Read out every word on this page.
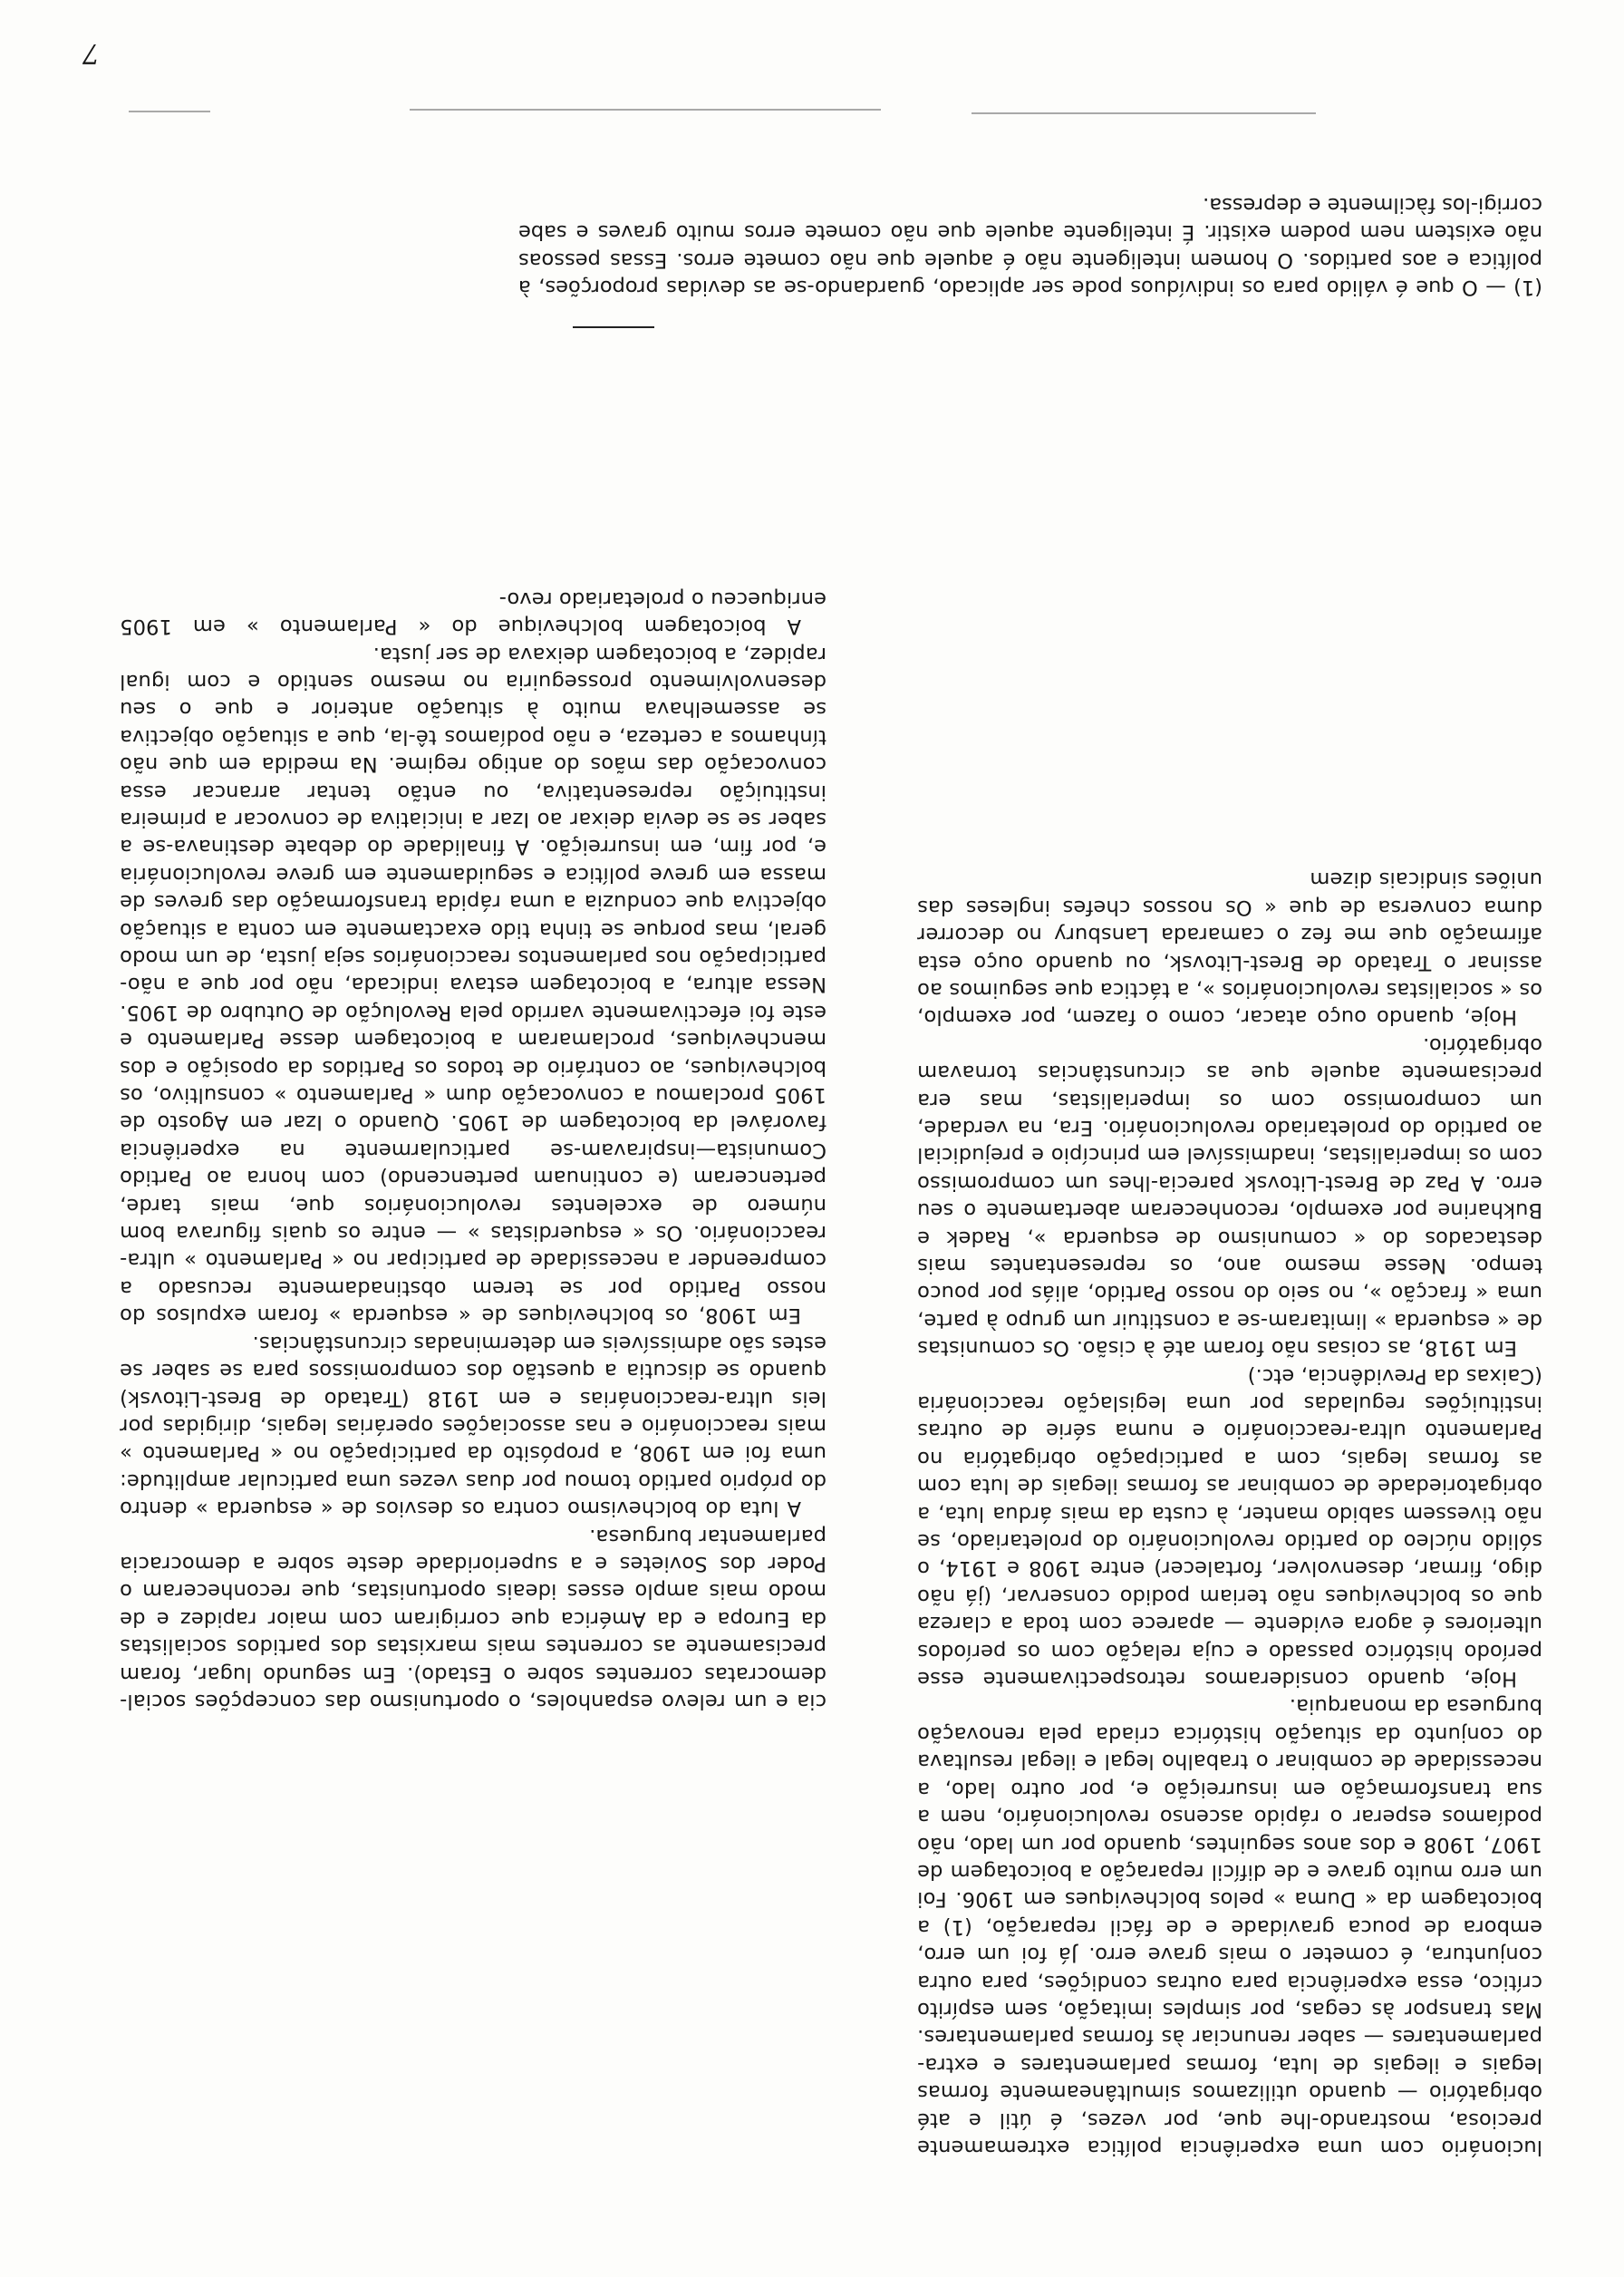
7

cia e um relevo espanholes, o oportunismo das concepções social-democratas correntes sobre o Estado). Em segundo lugar, foram precisamente as correntes mais marxistas dos partidos socialistas da Europa e da América que corrigiram com maior rapidez e de modo mais amplo esses ideais oportunistas, que reconheceram o Poder dos Sovietes e a superioridade deste sobre a democracia parlamentar burguesa.

A luta do bolchevismo contra os desvios de « esquerda » dentro do próprio partido tomou por duas vezes uma particular amplitude: uma foi em 1908, a propósito da participação no « Parlamento » mais reaccionário e nas associações operárias legais, dirigidas por leis ultra-reaccionárias e em 1918 (Tratado de Brest-Litovsk) quando se discutia a questão dos compromissos para se saber se estes são admissíveis em determinadas circunstâncias.

Em 1908, os bolcheviques de « esquerda » foram expulsos do nosso Partido por se terem obstinadamente recusado a compreender a necessidade de participar no « Parlamento » ultra-reaccionário. Os « esquerdistas » — entre os quais figurava bom número de excelentes revolucionários que, mais tarde, pertenceram (e continuam pertencendo) com honra ao Partido Comunista—inspiravam-se particularmente na experiência favorável da boicotagem de 1905. Quando o Izar em Agosto de 1905 proclamou a convocação dum « Parlamento » consultivo, os bolcheviques, ao contrário de todos os Partidos da oposição e dos mencheviques, proclamaram a boicotagem desse Parlamento e este foi efectivamente varrido pela Revolução de Outubro de 1905. Nessa altura, a boicotagem estava indicada, não por que a não-participação nos parlamentos reaccionários seja justa, de um modo geral, mas porque se tinha tido exactamente em conta a situação objectiva que conduzia a uma rápida transformação das greves de massa em greve política e seguidamente em greve revolucionária e, por fim, em insurreição. A finalidade do debate destinava-se a saber se se devia deixar ao Izar a iniciativa de convocar a primeira instituição representativa, ou então tentar arrancar essa convocação das mãos do antigo regime. Na medida em que não tínhamos a certeza, e não podíamos tê-la, que a situação objectiva se assemelhava muito à situação anterior e que o seu desenvolvimento prosseguiria no mesmo sentido e com igual rapidez, a boicotagem deixava de ser justa.

A boicotagem bolchevique do « Parlamento » em 1905 enriqueceu o proletariado revo-

lucionário com uma experiência política extremamente preciosa, mostrando-lhe que, por vezes, é útil e até obrigatório — quando utilizamos simultâneamente formas legais e ilegais de luta, formas parlamentares e extra-parlamentares — saber renunciar às formas parlamentares. Mas transpor às cegas, por simples imitação, sem espírito crítico, essa experiência para outras condições, para outra conjuntura, é cometer o mais grave erro. Já foi um erro, embora de pouca gravidade e de fácil reparação, (1) a boicotagem da « Duma » pelos bolcheviques em 1906. Foi um erro muito grave e de difícil reparação a boicotagem de 1907, 1908 e dos anos seguintes, quando por um lado, não podíamos esperar o rápido ascenso revolucionário, nem a sua transformação em insurreição e, por outro lado, a necessidade de combinar o trabalho legal e ilegal resultava do conjunto da situação histórica criada pela renovação burguesa da monarquia.

Hoje, quando consideramos retrospectivamente esse período histórico passado e cuja relação com os períodos ulteriores é agora evidente — aparece com toda a clareza que os bolcheviques não teriam podido conservar, (já não digo, firmar, desenvolver, fortalecer) entre 1908 e 1914, o sólido núcleo do partido revolucionário do proletariado, se não tivessem sabido manter, à custa da mais árdua luta, a obrigatoriedade de combinar as formas ilegais de luta com as formas legais, com a participação obrigatória no Parlamento ultra-reaccionário e numa série de outras instituições reguladas por uma legislação reaccionária (Caixas da Previdência, etc.)

Em 1918, as coisas não foram até à cisão. Os comunistas de « esquerda » limitaram-se a constituir um grupo à parte, uma « fracção », no seio do nosso Partido, aliás por pouco tempo. Nesse mesmo ano, os representantes mais destacados do « comunismo de esquerda », Radek e Bukharine por exemplo, reconheceram abertamente o seu erro. A Paz de Brest-Litovsk parecia-lhes um compromisso com os imperialistas, inadmissível em princípio e prejudicial ao partido do proletariado revolucionário. Era, na verdade, um compromisso com os imperialistas, mas era precisamente aquele que as circunstâncias tornavam obrigatório.

Hoje, quando ouço atacar, como o fazem, por exemplo, os « socialistas revolucionários », a táctica que seguimos ao assinar o Tratado de Brest-Litovsk, ou quando ouço esta afirmação que me fez o camarada Lansbury no decorrer duma conversa de que « Os nossos chefes ingleses das uniões sindicais dizem

(1) — O que é válido para os indivíduos pode ser aplicado, guardando-se as devidas proporções, à política e aos partidos. O homem inteligente não é aquele que não comete erros. Essas pessoas não existem nem podem existir. É inteligente aquele que não comete erros muito graves e sabe corrigi-los fàcilmente e depressa.
